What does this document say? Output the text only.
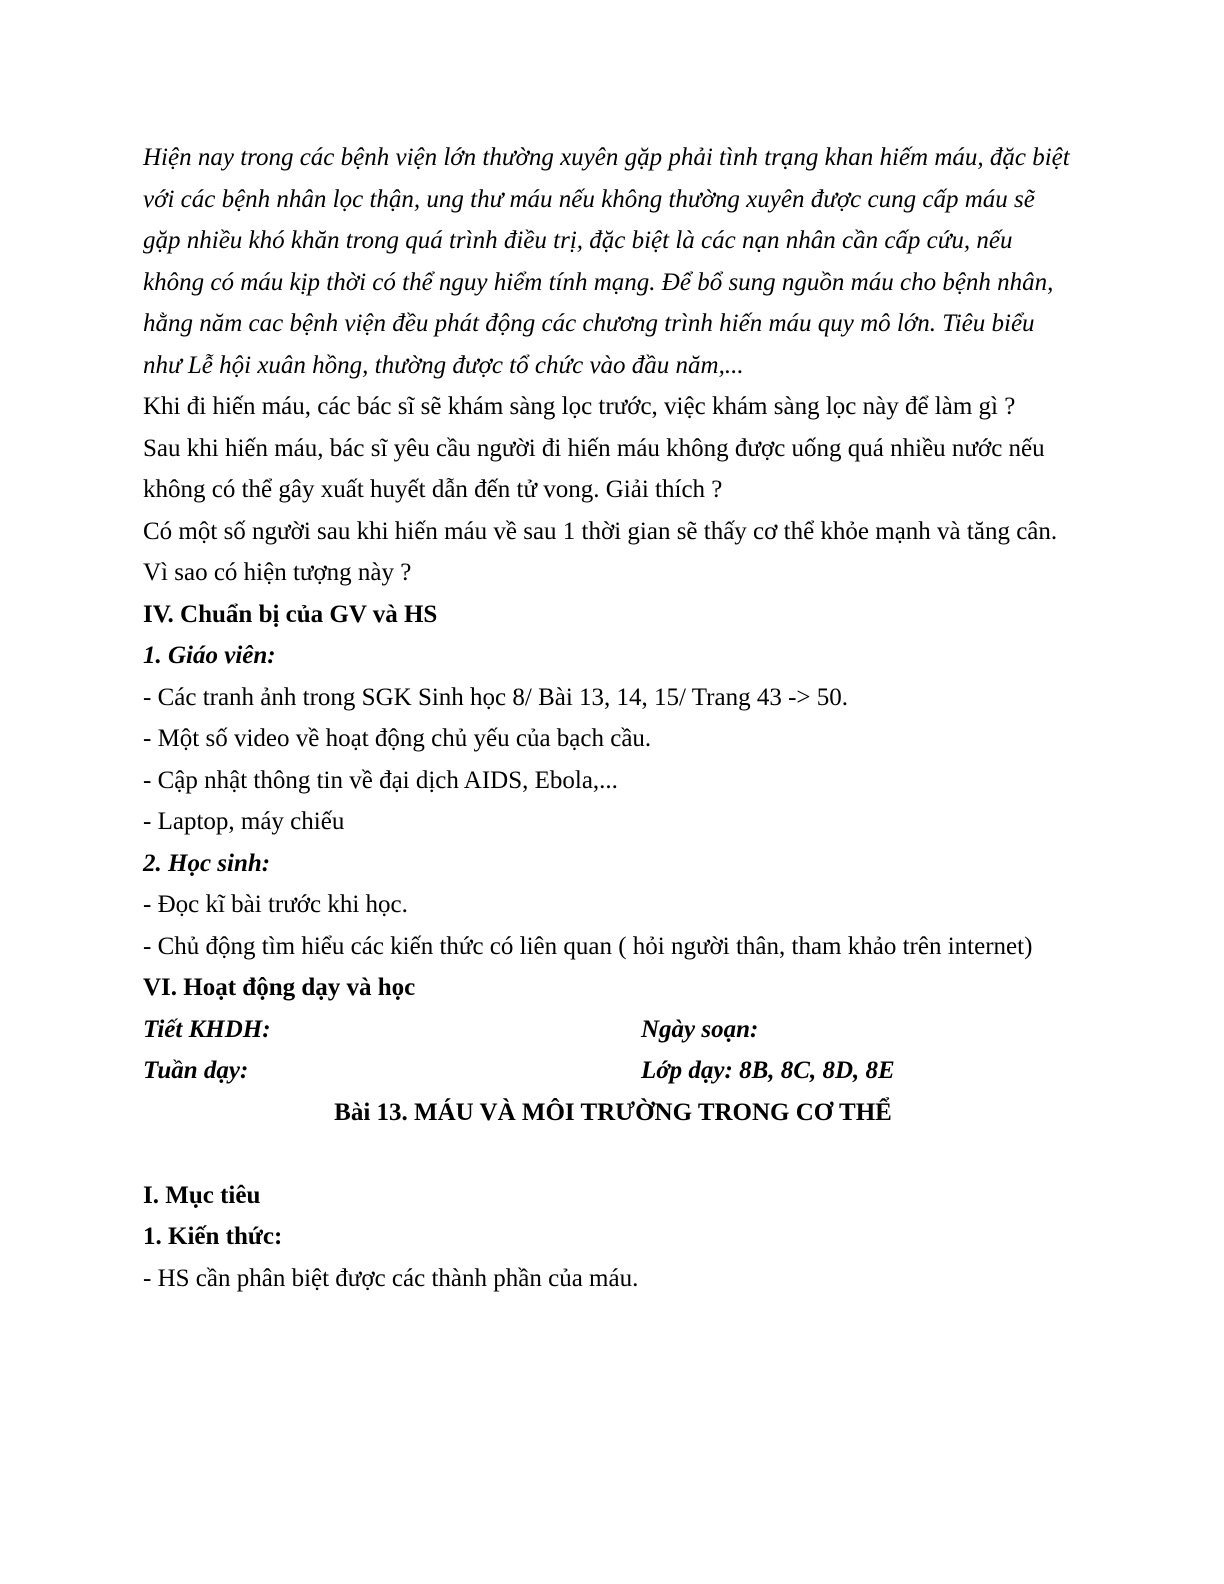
Hiện nay trong các bệnh viện lớn thường xuyên gặp phải tình trạng khan hiếm máu, đặc biệt với các bệnh nhân lọc thận, ung thư máu nếu không thường xuyên được cung cấp máu sẽ gặp nhiều khó khăn trong quá trình điều trị, đặc biệt là các nạn nhân cần cấp cứu, nếu không có máu kịp thời có thể nguy hiểm tính mạng. Để bổ sung nguồn máu cho bệnh nhân, hằng năm cac bệnh viện đều phát động các chương trình hiến máu quy mô lớn. Tiêu biểu như Lễ hội xuân hồng, thường được tổ chức vào đầu năm,...

Khi đi hiến máu, các bác sĩ sẽ khám sàng lọc trước, việc khám sàng lọc này để làm gì ?

Sau khi hiến máu, bác sĩ yêu cầu người đi hiến máu không được uống quá nhiều nước nếu không có thể gây xuất huyết dẫn đến tử vong. Giải thích ?

Có một số người sau khi hiến máu về sau 1 thời gian sẽ thấy cơ thể khỏe mạnh và tăng cân. Vì sao có hiện tượng này ?

IV. Chuẩn bị của GV và HS

1. Giáo viên:

- Các tranh ảnh trong SGK Sinh học 8/ Bài 13, 14, 15/ Trang 43 -> 50.

- Một số video về hoạt động chủ yếu của bạch cầu.

- Cập nhật thông tin về đại dịch AIDS, Ebola,...

- Laptop, máy chiếu

2. Học sinh:

- Đọc kĩ bài trước khi học.

- Chủ động tìm hiểu các kiến thức có liên quan ( hỏi người thân, tham khảo trên internet)

VI. Hoạt động dạy và học

Tiết KHDH:	Ngày soạn:
Tuần dạy:	Lớp dạy: 8B, 8C, 8D, 8E

Bài 13. MÁU VÀ MÔI TRƯỜNG TRONG CƠ THỂ

I. Mục tiêu

1. Kiến thức:

- HS cần phân biệt được các thành phần của máu.
